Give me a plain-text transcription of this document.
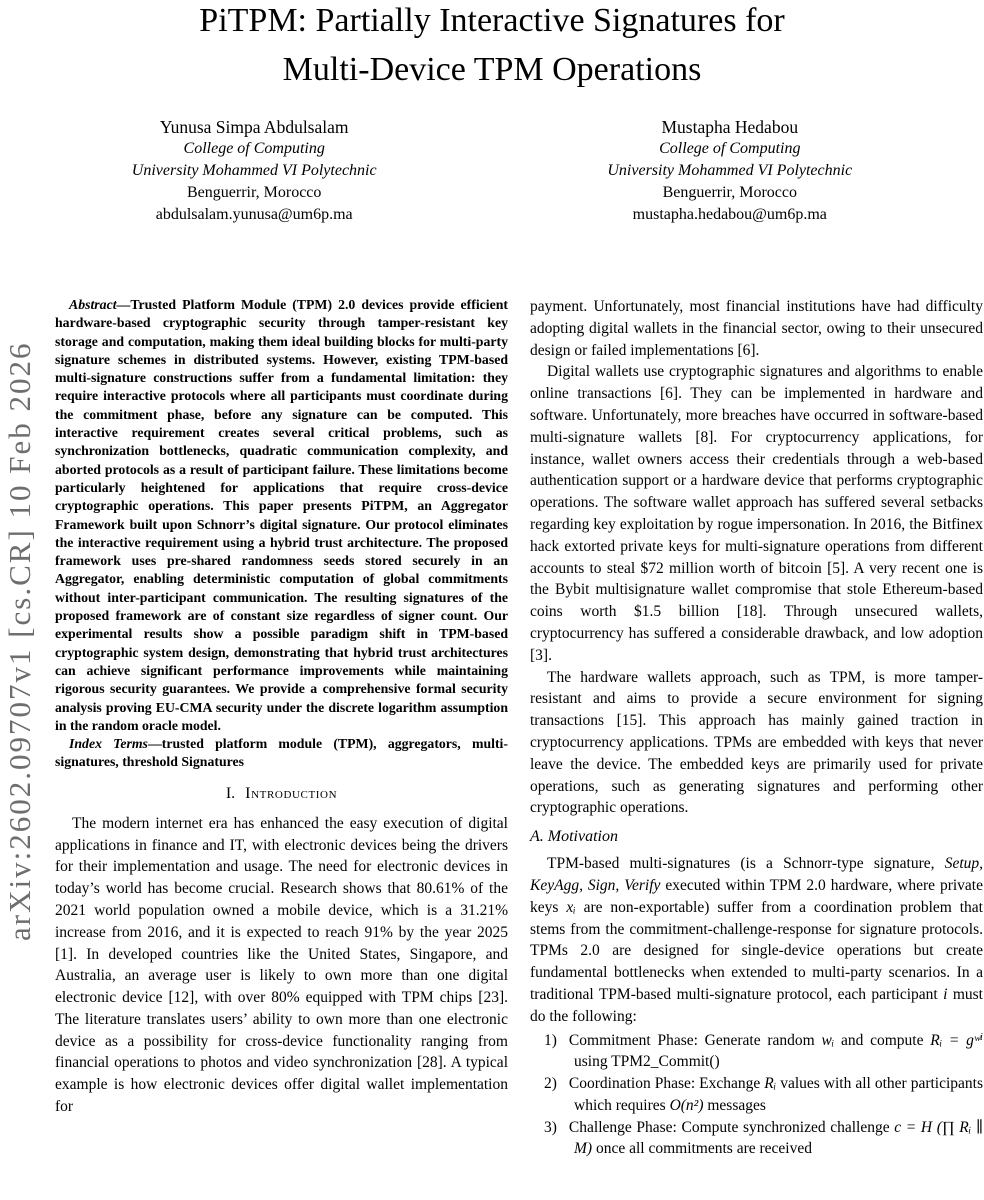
arXiv:2602.09707v1 [cs.CR] 10 Feb 2026
PiTPM: Partially Interactive Signatures for
Multi-Device TPM Operations
Yunusa Simpa Abdulsalam
College of Computing
University Mohammed VI Polytechnic
Benguerrir, Morocco
abdulsalam.yunusa@um6p.ma
Mustapha Hedabou
College of Computing
University Mohammed VI Polytechnic
Benguerrir, Morocco
mustapha.hedabou@um6p.ma

Abstract—Trusted Platform Module (TPM) 2.0 devices provide efficient hardware-based cryptographic security through tamper-resistant key storage and computation, making them ideal building blocks for multi-party signature schemes in distributed systems. However, existing TPM-based multi-signature constructions suffer from a fundamental limitation: they require interactive protocols where all participants must coordinate during the commitment phase, before any signature can be computed. This interactive requirement creates several critical problems, such as synchronization bottlenecks, quadratic communication complexity, and aborted protocols as a result of participant failure. These limitations become particularly heightened for applications that require cross-device cryptographic operations. This paper presents PiTPM, an Aggregator Framework built upon Schnorr’s digital signature. Our protocol eliminates the interactive requirement using a hybrid trust architecture. The proposed framework uses pre-shared randomness seeds stored securely in an Aggregator, enabling deterministic computation of global commitments without inter-participant communication. The resulting signatures of the proposed framework are of constant size regardless of signer count. Our experimental results show a possible paradigm shift in TPM-based cryptographic system design, demonstrating that hybrid trust architectures can achieve significant performance improvements while maintaining rigorous security guarantees. We provide a comprehensive formal security analysis proving EU-CMA security under the discrete logarithm assumption in the random oracle model.

Index Terms—trusted platform module (TPM), aggregators, multi-signatures, threshold Signatures

I. Introduction

The modern internet era has enhanced the easy execution of digital applications in finance and IT, with electronic devices being the drivers for their implementation and usage. The need for electronic devices in today’s world has become crucial. Research shows that 80.61% of the 2021 world population owned a mobile device, which is a 31.21% increase from 2016, and it is expected to reach 91% by the year 2025 [1]. In developed countries like the United States, Singapore, and Australia, an average user is likely to own more than one digital electronic device [12], with over 80% equipped with TPM chips [23]. The literature translates users’ ability to own more than one electronic device as a possibility for cross-device functionality ranging from financial operations to photos and video synchronization [28]. A typical example is how electronic devices offer digital wallet implementation for

payment. Unfortunately, most financial institutions have had difficulty adopting digital wallets in the financial sector, owing to their unsecured design or failed implementations [6].

Digital wallets use cryptographic signatures and algorithms to enable online transactions [6]. They can be implemented in hardware and software. Unfortunately, more breaches have occurred in software-based multi-signature wallets [8]. For cryptocurrency applications, for instance, wallet owners access their credentials through a web-based authentication support or a hardware device that performs cryptographic operations. The software wallet approach has suffered several setbacks regarding key exploitation by rogue impersonation. In 2016, the Bitfinex hack extorted private keys for multi-signature operations from different accounts to steal $72 million worth of bitcoin [5]. A very recent one is the Bybit multisignature wallet compromise that stole Ethereum-based coins worth $1.5 billion [18]. Through unsecured wallets, cryptocurrency has suffered a considerable drawback, and low adoption [3].

The hardware wallets approach, such as TPM, is more tamper-resistant and aims to provide a secure environment for signing transactions [15]. This approach has mainly gained traction in cryptocurrency applications. TPMs are embedded with keys that never leave the device. The embedded keys are primarily used for private operations, such as generating signatures and performing other cryptographic operations.

A. Motivation

TPM-based multi-signatures (is a Schnorr-type signature, Setup, KeyAgg, Sign, Verify executed within TPM 2.0 hardware, where private keys xᵢ are non-exportable) suffer from a coordination problem that stems from the commitment-challenge-response for signature protocols. TPMs 2.0 are designed for single-device operations but create fundamental bottlenecks when extended to multi-party scenarios. In a traditional TPM-based multi-signature protocol, each participant i must do the following:

1) Commitment Phase: Generate random wᵢ and compute Rᵢ = gʷⁱ using TPM2_Commit()
2) Coordination Phase: Exchange Rᵢ values with all other participants which requires O(n²) messages
3) Challenge Phase: Compute synchronized challenge c = H (∏ Rᵢ ∥ M) once all commitments are received
